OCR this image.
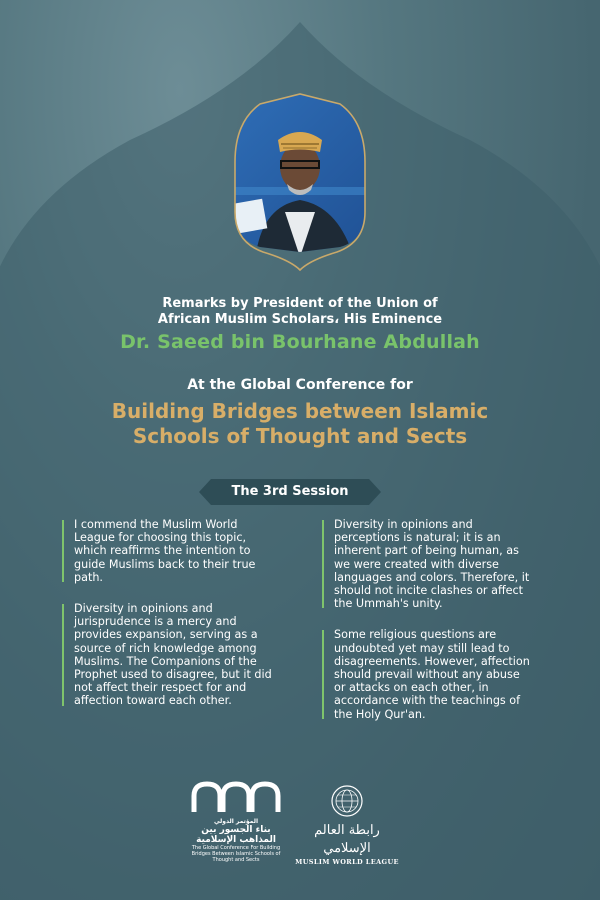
Remarks by President of the Union of
African Muslim Scholars، His Eminence
Dr. Saeed bin Bourhane Abdullah
At the Global Conference for
Building Bridges between Islamic
Schools of Thought and Sects
The 3rd Session
I commend the Muslim World League for choosing this topic, which reaffirms the intention to guide Muslims back to their true path.
Diversity in opinions and jurisprudence is a mercy and provides expansion, serving as a source of rich knowledge among Muslims. The Companions of the Prophet used to disagree, but it did not affect their respect for and affection toward each other.
Diversity in opinions and perceptions is natural; it is an inherent part of being human, as we were created with diverse languages and colors. Therefore, it should not incite clashes or affect the Ummah's unity.
Some religious questions are undoubted yet may still lead to disagreements. However, affection should prevail without any abuse or attacks on each other, in accordance with the teachings of the Holy Qur'an.
المؤتمر الدولي
بناء الجسور بين
المذاهب الإسلامية
The Global Conference For Building Bridges Between Islamic Schools of Thought and Sects
رابطة العالم الإسلامي
MUSLIM WORLD LEAGUE
